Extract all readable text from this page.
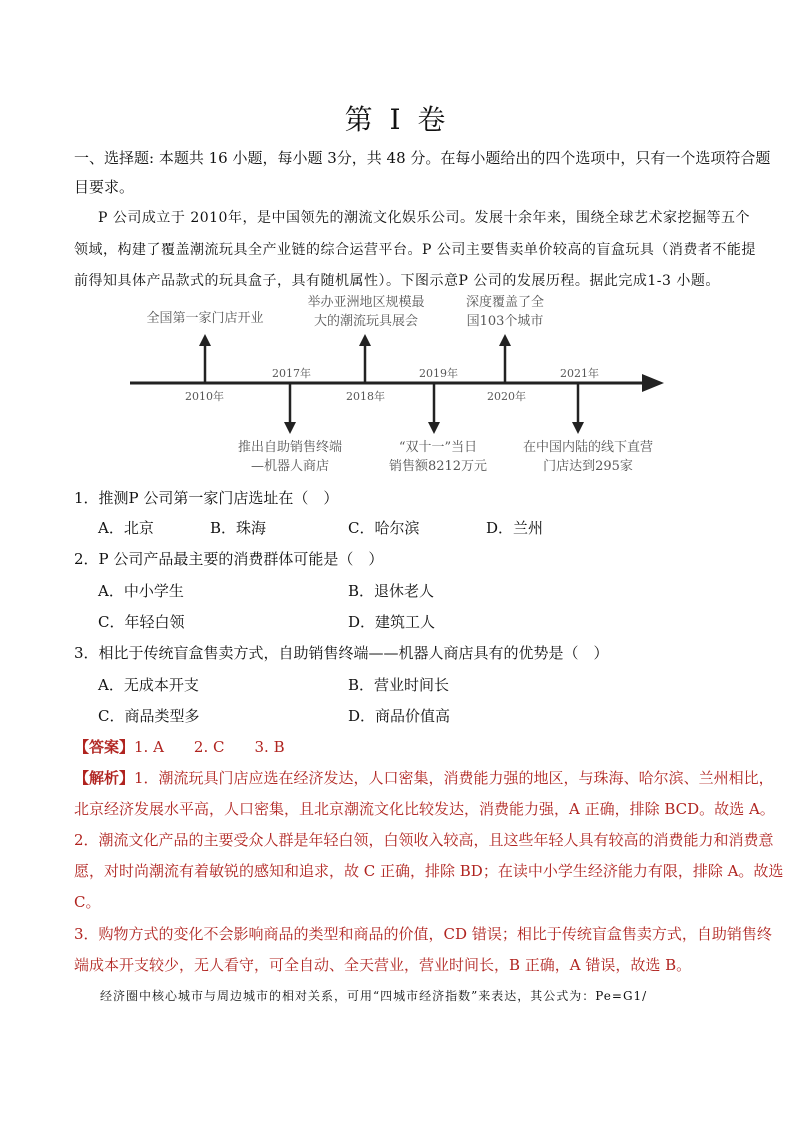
第 I 卷
一、选择题: 本题共 16 小题，每小题 3分，共 48 分。在每小题给出的四个选项中，只有一个选项符合题
目要求。
P 公司成立于 2010年，是中国领先的潮流文化娱乐公司。发展十余年来，围绕全球艺术家挖掘等五个
领域，构建了覆盖潮流玩具全产业链的综合运营平台。P 公司主要售卖单价较高的盲盒玩具（消费者不能提
前得知具体产品款式的玩具盒子，具有随机属性）。下图示意P 公司的发展历程。据此完成1-3 小题。
2010年	2018年	2020年
2017年	2019年	2021年
全国第一家门店开业
举办亚洲地区规模最
大的潮流玩具展会
深度覆盖了全
国103个城市
推出自助销售终端
—机器人商店
“双十一”当日
销售额8212万元
在中国内陆的线下直营
门店达到295家
1．推测P 公司第一家门店选址在（　）
A．北京	B．珠海	C．哈尔滨	D．兰州
2．P 公司产品最主要的消费群体可能是（　）
A．中小学生	B．退休老人
C．年轻白领	D．建筑工人
3．相比于传统盲盒售卖方式，自助销售终端——机器人商店具有的优势是（　）
A．无成本开支	B．营业时间长
C．商品类型多	D．商品价值高
【答案】1. A　　2. C　　3. B
【解析】1．潮流玩具门店应选在经济发达，人口密集，消费能力强的地区，与珠海、哈尔滨、兰州相比，
北京经济发展水平高，人口密集，且北京潮流文化比较发达，消费能力强，A 正确，排除 BCD。故选 A。
2．潮流文化产品的主要受众人群是年轻白领，白领收入较高，且这些年轻人具有较高的消费能力和消费意
愿，对时尚潮流有着敏锐的感知和追求，故 C 正确，排除 BD；在读中小学生经济能力有限，排除 A。故选
C。
3．购物方式的变化不会影响商品的类型和商品的价值，CD 错误；相比于传统盲盒售卖方式，自助销售终
端成本开支较少，无人看守，可全自动、全天营业，营业时间长，B 正确，A 错误，故选 B。
经济圈中核心城市与周边城市的相对关系，可用“四城市经济指数”来表达，其公式为：Pe=G1/
